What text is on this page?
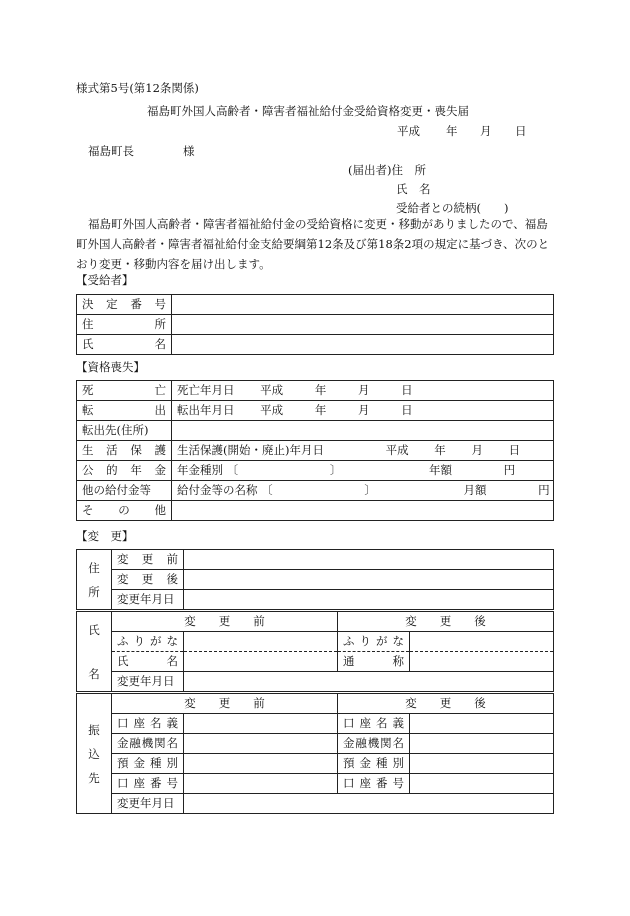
様式第5号(第12条関係)
福島町外国人高齢者・障害者福祉給付金受給資格変更・喪失届
平成 年 月 日
福島町長	様
(届出者)住　所
氏　名
受給者との続柄(　　)
福島町外国人高齢者・障害者福祉給付金の受給資格に変更・移動がありましたので、福島町外国人高齢者・障害者福祉給付金支給要綱第12条及び第18条2項の規定に基づき、次のとおり変更・移動内容を届け出します。
【受給者】
決定番号	
住所	
氏名	
【資格喪失】
死亡	死亡年月日 平成 年 月 日
転出	転出年月日 平成 年 月 日
転出先(住所)	
生活保護	生活保護(開始・廃止)年月日 平成 年 月 日
公的年金	年金種別 〔 〕 年額 円
他の給付金等	給付金等の名称 〔 〕 月額 円
その他	
【変　更】
住
所	変更前	
	変更後	
	変更年月日	
氏
名	変　　更　　前		変　　更　　後	
	ふりがな		ふりがな	
	氏名		通称	
	変更年月日			
振
込
先	変　　更　　前		変　　更　　後	
	口座名義		口座名義	
	金融機関名		金融機関名	
	預金種別		預金種別	
	口座番号		口座番号	
	変更年月日			
